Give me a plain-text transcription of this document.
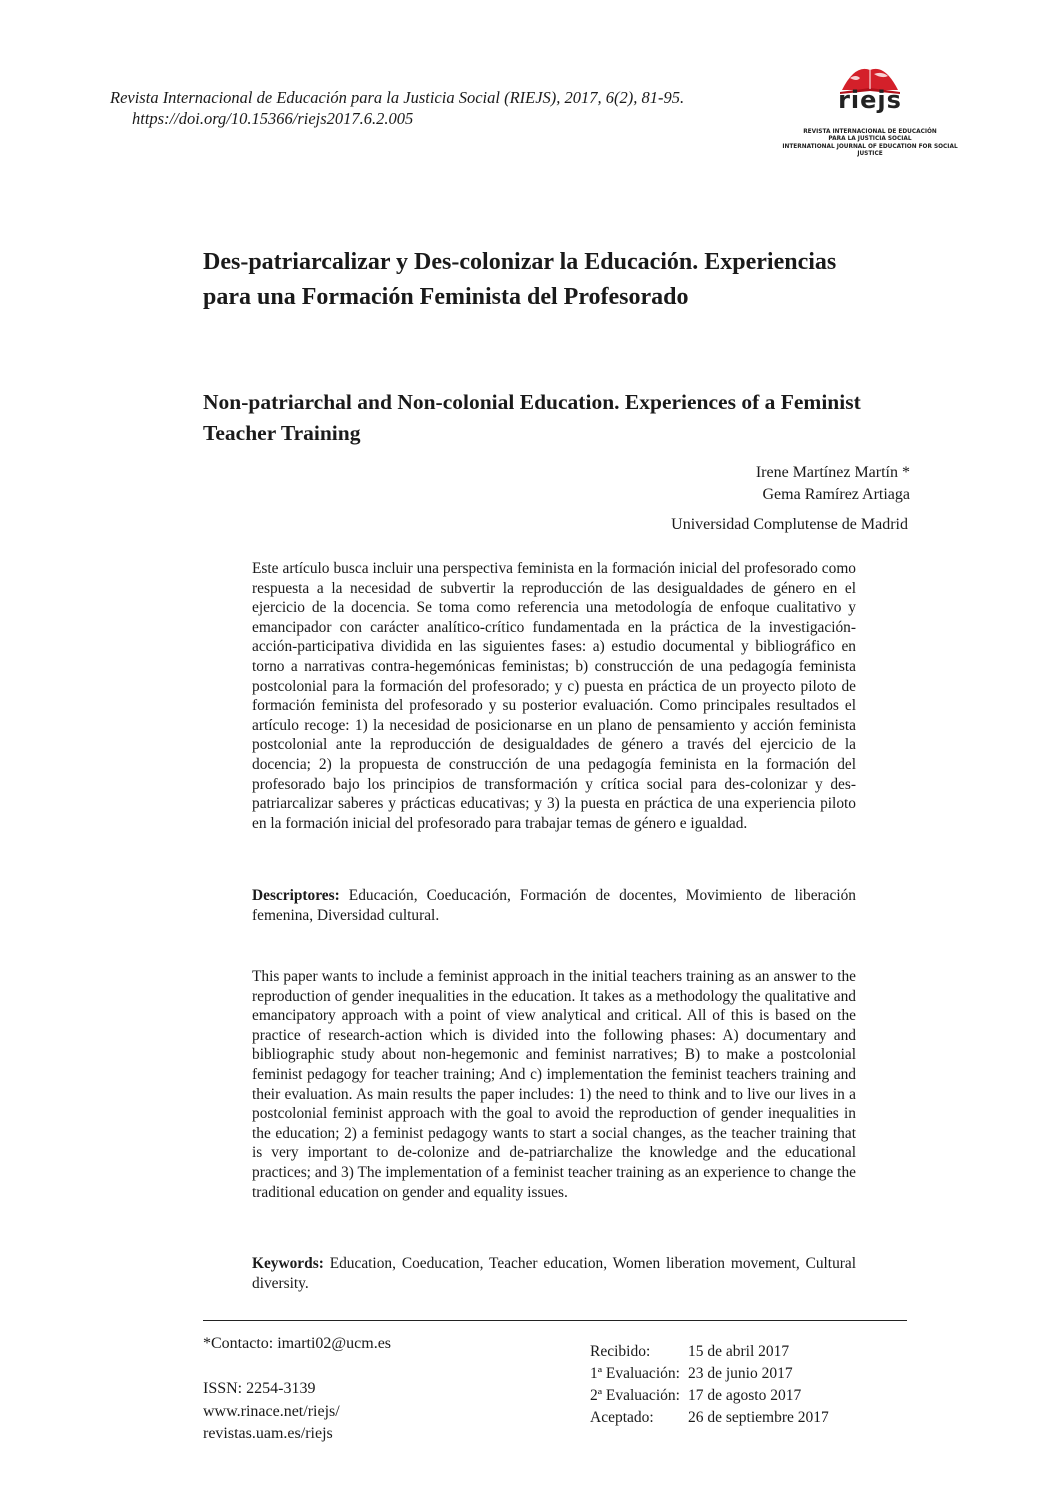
Revista Internacional de Educación para la Justicia Social (RIEJS), 2017, 6(2), 81-95.
https://doi.org/10.15366/riejs2017.6.2.005
riejs
REVISTA INTERNACIONAL DE EDUCACIÓN
PARA LA JUSTICIA SOCIAL
INTERNATIONAL JOURNAL OF EDUCATION FOR SOCIAL JUSTICE
Des-patriarcalizar y Des-colonizar la Educación. Experiencias para una Formación Feminista del Profesorado
Non-patriarchal and Non-colonial Education. Experiences of a Feminist Teacher Training
Irene Martínez Martín *
Gema Ramírez Artiaga
Universidad Complutense de Madrid
Este artículo busca incluir una perspectiva feminista en la formación inicial del profesorado como respuesta a la necesidad de subvertir la reproducción de las desigualdades de género en el ejercicio de la docencia. Se toma como referencia una metodología de enfoque cualitativo y emancipador con carácter analítico-crítico fundamentada en la práctica de la investigación-acción-participativa dividida en las siguientes fases: a) estudio documental y bibliográfico en torno a narrativas contra-hegemónicas feministas; b) construcción de una pedagogía feminista postcolonial para la formación del profesorado; y c) puesta en práctica de un proyecto piloto de formación feminista del profesorado y su posterior evaluación. Como principales resultados el artículo recoge: 1) la necesidad de posicionarse en un plano de pensamiento y acción feminista postcolonial ante la reproducción de desigualdades de género a través del ejercicio de la docencia; 2) la propuesta de construcción de una pedagogía feminista en la formación del profesorado bajo los principios de transformación y crítica social para des-colonizar y des-patriarcalizar saberes y prácticas educativas; y 3) la puesta en práctica de una experiencia piloto en la formación inicial del profesorado para trabajar temas de género e igualdad.
Descriptores: Educación, Coeducación, Formación de docentes, Movimiento de liberación femenina, Diversidad cultural.
This paper wants to include a feminist approach in the initial teachers training as an answer to the reproduction of gender inequalities in the education. It takes as a methodology the qualitative and emancipatory approach with a point of view analytical and critical. All of this is based on the practice of research-action which is divided into the following phases: A) documentary and bibliographic study about non-hegemonic and feminist narratives; B) to make a postcolonial feminist pedagogy for teacher training; And c) implementation the feminist teachers training and their evaluation. As main results the paper includes: 1) the need to think and to live our lives in a postcolonial feminist approach with the goal to avoid the reproduction of gender inequalities in the education; 2) a feminist pedagogy wants to start a social changes, as the teacher training that is very important to de-colonize and de-patriarchalize the knowledge and the educational practices; and 3) The implementation of a feminist teacher training as an experience to change the traditional education on gender and equality issues.
Keywords: Education, Coeducation, Teacher education, Women liberation movement, Cultural diversity.
*Contacto: imarti02@ucm.es
ISSN: 2254-3139
www.rinace.net/riejs/
revistas.uam.es/riejs
Recibido:	15 de abril 2017
1ª Evaluación: 23 de junio 2017
2ª Evaluación: 17 de agosto 2017
Aceptado:	26 de septiembre 2017
